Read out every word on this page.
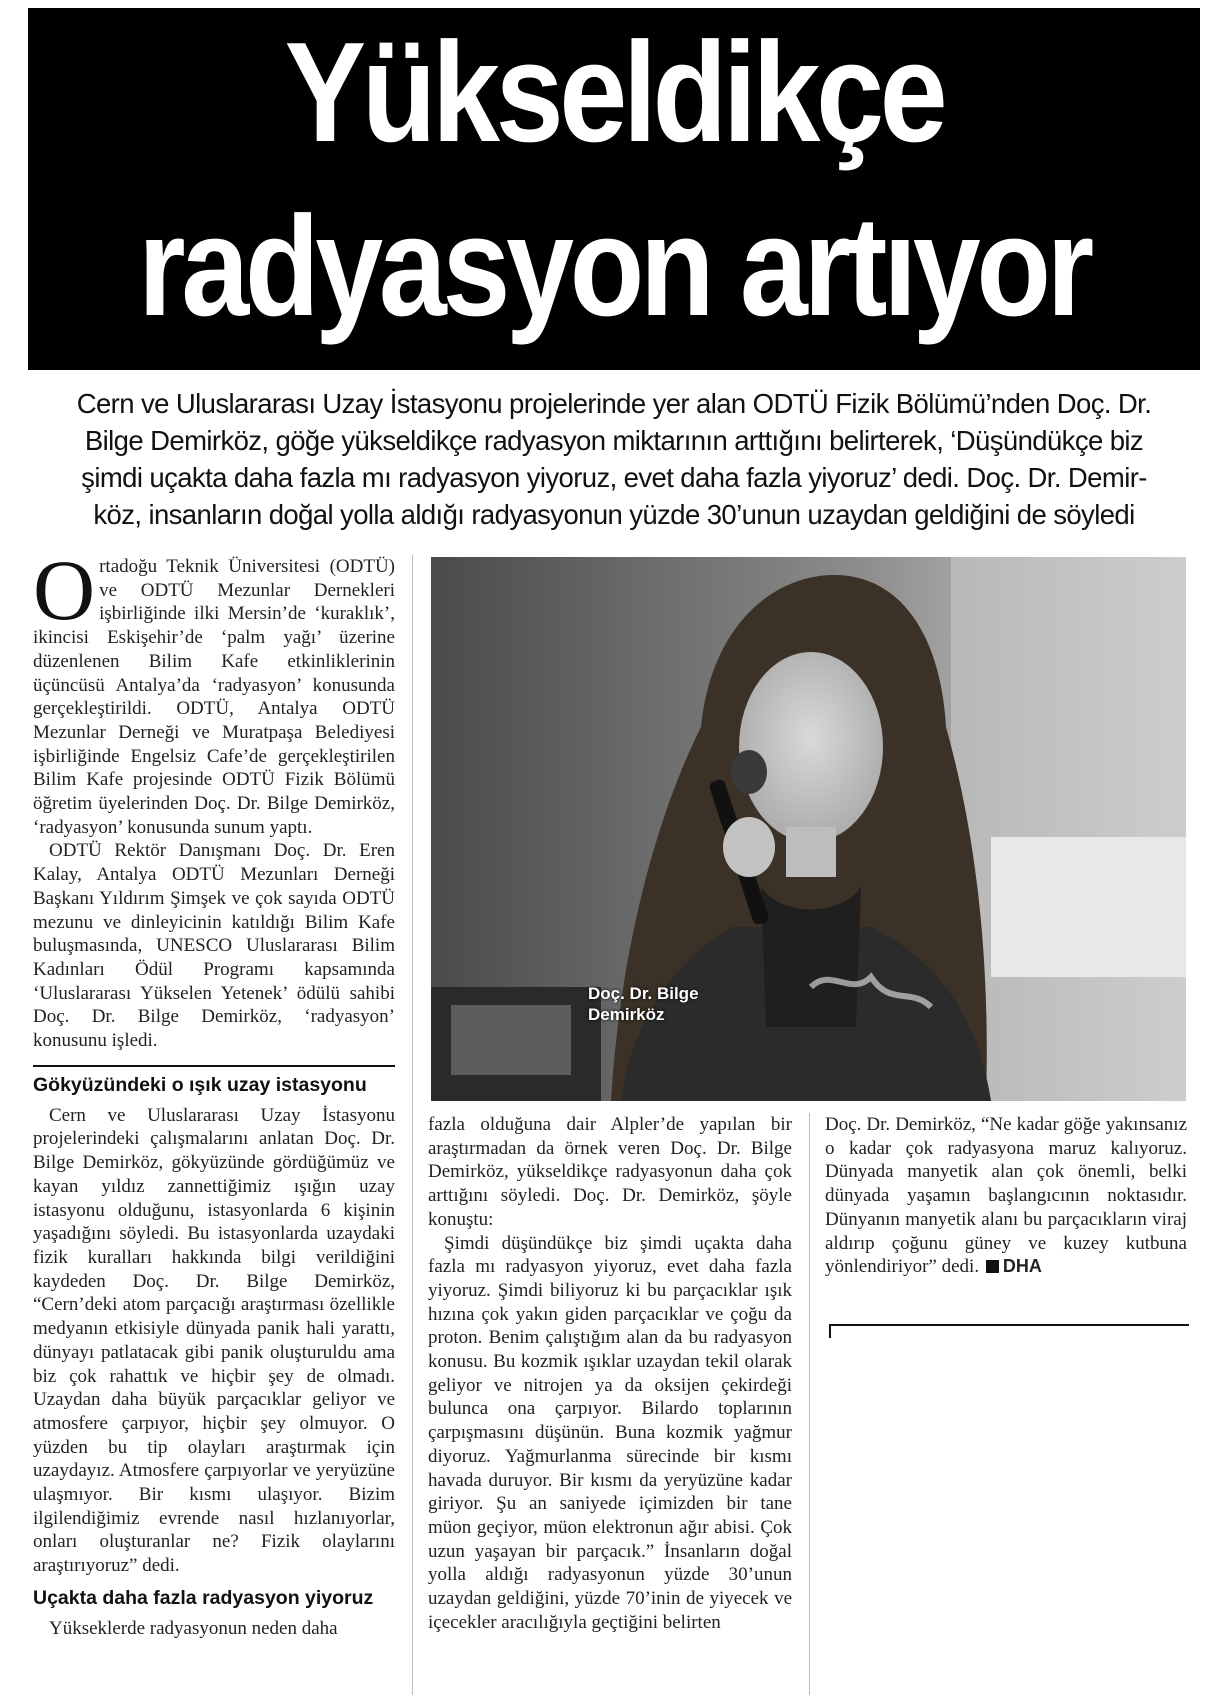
Yükseldikçe
radyasyon artıyor
Cern ve Uluslararası Uzay İstasyonu projelerinde yer alan ODTÜ Fizik Bölümü’nden Doç. Dr.
Bilge Demirköz, göğe yükseldikçe radyasyon miktarının arttığını belirterek, ‘Düşündükçe biz
şimdi uçakta daha fazla mı radyasyon yiyoruz, evet daha fazla yiyoruz’ dedi. Doç. Dr. Demir-
köz, insanların doğal yolla aldığı radyasyonun yüzde 30’unun uzaydan geldiğini de söyledi
O rtadoğu Teknik Üniversitesi (ODTÜ) ve ODTÜ Mezunlar Dernekleri işbirliğinde ilki Mersin’de ‘kuraklık’, ikincisi Eskişehir’de ‘palm yağı’ üzerine düzenlenen Bilim Kafe etkinliklerinin üçüncüsü Antalya’da ‘radyasyon’ konusunda gerçekleştirildi. ODTÜ, Antalya ODTÜ Mezunlar Derneği ve Muratpaşa Belediyesi işbirliğinde Engelsiz Cafe’de gerçekleştirilen Bilim Kafe projesinde ODTÜ Fizik Bölümü öğretim üyelerinden Doç. Dr. Bilge Demirköz, ‘radyasyon’ konusunda sunum yaptı.

ODTÜ Rektör Danışmanı Doç. Dr. Eren Kalay, Antalya ODTÜ Mezunları Derneği Başkanı Yıldırım Şimşek ve çok sayıda ODTÜ mezunu ve dinleyicinin katıldığı Bilim Kafe buluşmasında, UNESCO Uluslararası Bilim Kadınları Ödül Programı kapsamında ‘Uluslararası Yükselen Yetenek’ ödülü sahibi Doç. Dr. Bilge Demirköz, ‘radyasyon’ konusunu işledi.

Gökyüzündeki o ışık uzay istasyonu

Cern ve Uluslararası Uzay İstasyonu projelerindeki çalışmalarını anlatan Doç. Dr. Bilge Demirköz, gökyüzünde gördüğümüz ve kayan yıldız zannettiğimiz ışığın uzay istasyonu olduğunu, istasyonlarda 6 kişinin yaşadığını söyledi. Bu istasyonlarda uzaydaki fizik kuralları hakkında bilgi verildiğini kaydeden Doç. Dr. Bilge Demirköz, “Cern’deki atom parçacığı araştırması özellikle medyanın etkisiyle dünyada panik hali yarattı, dünyayı patlatacak gibi panik oluşturuldu ama biz çok rahattık ve hiçbir şey de olmadı. Uzaydan daha büyük parçacıklar geliyor ve atmosfere çarpıyor, hiçbir şey olmuyor. O yüzden bu tip olayları araştırmak için uzaydayız. Atmosfere çarpıyorlar ve yeryüzüne ulaşmıyor. Bir kısmı ulaşıyor. Bizim ilgilendiğimiz evrende nasıl hızlanıyorlar, onları oluşturanlar ne? Fizik olaylarını araştırıyoruz” dedi.

Uçakta daha fazla radyasyon yiyoruz

Yükseklerde radyasyonun neden daha

Doç. Dr. Bilge
Demirköz

fazla olduğuna dair Alpler’de yapılan bir araştırmadan da örnek veren Doç. Dr. Bilge Demirköz, yükseldikçe radyasyonun daha çok arttığını söyledi. Doç. Dr. Demirköz, şöyle konuştu:

Şimdi düşündükçe biz şimdi uçakta daha fazla mı radyasyon yiyoruz, evet daha fazla yiyoruz. Şimdi biliyoruz ki bu parçacıklar ışık hızına çok yakın giden parçacıklar ve çoğu da proton. Benim çalıştığım alan da bu radyasyon konusu. Bu kozmik ışıklar uzaydan tekil olarak geliyor ve nitrojen ya da oksijen çekirdeği bulunca ona çarpıyor. Bilardo toplarının çarpışmasını düşünün. Buna kozmik yağmur diyoruz. Yağmurlanma sürecinde bir kısmı havada duruyor. Bir kısmı da yeryüzüne kadar giriyor. Şu an saniyede içimizden bir tane müon geçiyor, müon elektronun ağır abisi. Çok uzun yaşayan bir parçacık.” İnsanların doğal yolla aldığı radyasyonun yüzde 30’unun uzaydan geldiğini, yüzde 70’inin de yiyecek ve içecekler aracılığıyla geçtiğini belirten

Doç. Dr. Demirköz, “Ne kadar göğe yakınsanız o kadar çok radyasyona maruz kalıyoruz. Dünyada manyetik alan çok önemli, belki dünyada yaşamın başlangıcının noktasıdır. Dünyanın manyetik alanı bu parçacıkların viraj aldırıp çoğunu güney ve kuzey kutbuna yönlendiriyor” dedi. DHA
